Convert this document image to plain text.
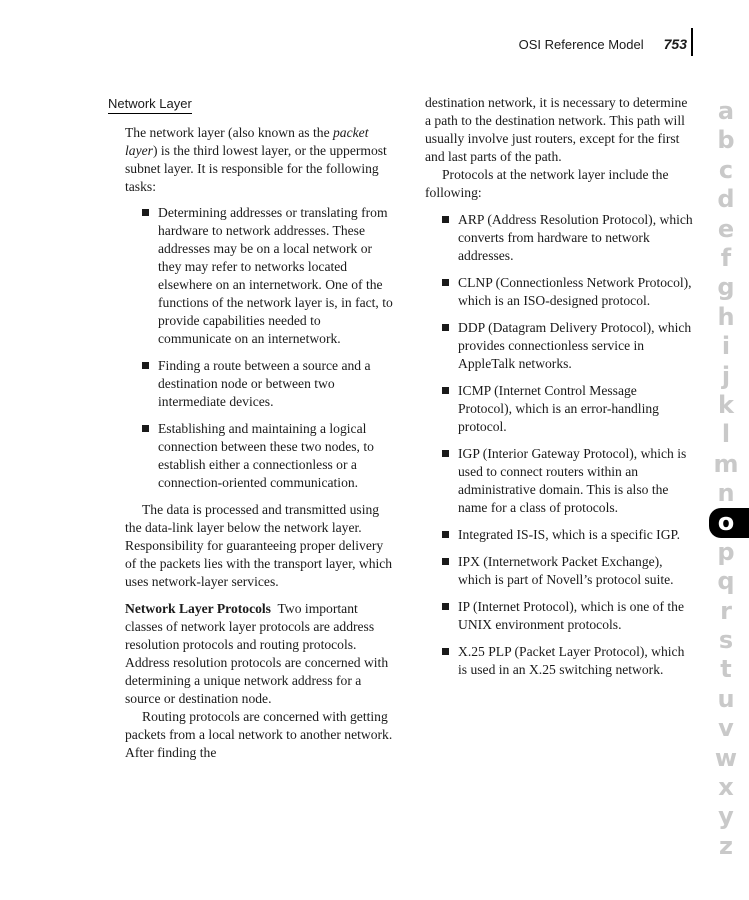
OSI Reference Model	753
Network Layer

The network layer (also known as the packet layer) is the third lowest layer, or the uppermost subnet layer. It is responsible for the following tasks:

Determining addresses or translating from hardware to network addresses. These addresses may be on a local network or they may refer to networks located elsewhere on an internetwork. One of the functions of the network layer is, in fact, to provide capabilities needed to communicate on an internetwork.
Finding a route between a source and a destination node or between two intermediate devices.
Establishing and maintaining a logical connection between these two nodes, to establish either a connectionless or a connection-oriented communication.

The data is processed and transmitted using the data-link layer below the network layer. Responsibility for guaranteeing proper delivery of the packets lies with the transport layer, which uses network-layer services.

Network Layer Protocols Two important classes of network layer protocols are address resolution protocols and routing protocols. Address resolution protocols are concerned with determining a unique network address for a source or destination node.

Routing protocols are concerned with getting packets from a local network to another network. After finding the

destination network, it is necessary to determine a path to the destination network. This path will usually involve just routers, except for the first and last parts of the path.

Protocols at the network layer include the following:

ARP (Address Resolution Protocol), which converts from hardware to network addresses.
CLNP (Connectionless Network Protocol), which is an ISO-designed protocol.
DDP (Datagram Delivery Protocol), which provides connectionless service in AppleTalk networks.
ICMP (Internet Control Message Protocol), which is an error-handling protocol.
IGP (Interior Gateway Protocol), which is used to connect routers within an administrative domain. This is also the name for a class of protocols.
Integrated IS-IS, which is a specific IGP.
IPX (Internetwork Packet Exchange), which is part of Novell’s protocol suite.
IP (Internet Protocol), which is one of the UNIX environment protocols.
X.25 PLP (Packet Layer Protocol), which is used in an X.25 switching network.
a
b
c
d
e
f
g
h
i
j
k
l
m
n
o
p
q
r
s
t
u
v
w
x
y
z
